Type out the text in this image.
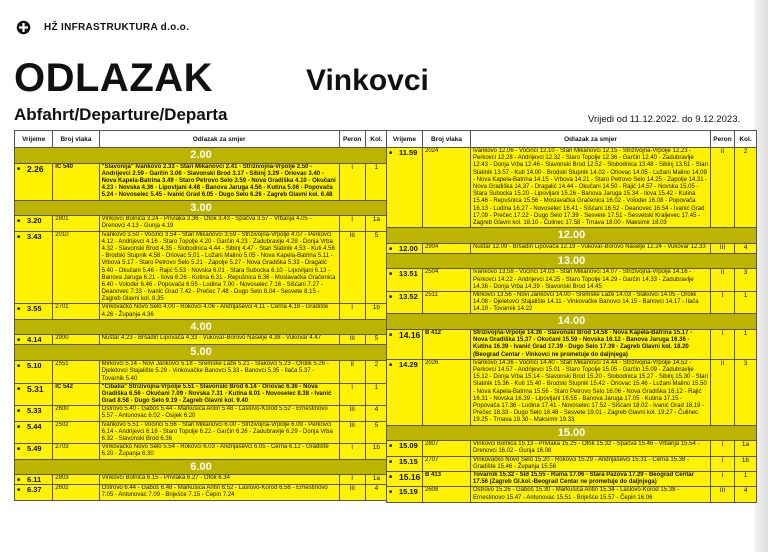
HŽ INFRASTRUKTURA d.o.o.
ODLAZAK	Vinkovci
Abfahrt/Departure/Departa	Vrijedi od 11.12.2022. do 9.12.2023.
Vrijeme	Broj vlaka	Odlazak za smjer	Peron	Kol.
2.00				

■ 2.26	IC 540	"Slavonija" Ivankovo 2.33 - Stari Mikanovci 2.41 - Strizivojna-Vrpolje 2.50 - Andrijevci 2.59 - Garčin 3.06 - Slavonski Brod 3.17 - Sibinj 3.29 - Oriovac 3.40 - Nova Kapela-Batrina 3.49 - Staro Petrovo Selo 3.59 - Nova Gradiška 4.10 - Okučani 4.23 - Novska 4.36 - Lipovljani 4.48 - Banova Jaruga 4.56 - Kutina 5.06 - Popovača 5.24 - Novoselec 5.45 - Ivanić Grad 6.05 - Dugo Selo 6.26 - Zagreb Glavni kol. 6.48	I	1
3.00				

■ 3.20	2801	Vinkovci Bolnica 3.24 - Privlaka 3.36 - Otok 3.43 - Spačva 3.57 - Vrbanja 4.05 - Drenovci 4.13 - Gunja 4.19	I	1a

■ 3.43	2010	Ivankovo 3.50 - Voćinci 3.54 - Stari Mikanovci 3.59 - Strizivojna-Vrpolje 4.07 - Perkovci 4.12 - Andrijevci 4.16 - Staro Topolje 4.20 - Garčin 4.23 - Zadubravlje 4.28 - Donja Vrba 4.32 - Slavonski Brod 4.35 - Slobodnica 4.44 - Sibinj 4.47 - Stari Slatinik 4.53 - Kuti 4.56 - Brodski Stupnik 4.58 - Oriovac 5.01 - Lužani Malino 5.05 - Nova Kapela-Batrina 5.11 - Vrbova 5.17 - Staro Petrovo Selo 5.21 - Zapolje 5.27 - Nova Gradiška 5.33 - Dragalić 5.40 - Okučani 5.46 - Rajić 5.53 - Novska 6.01 - Stara Subocka 6.10 - Lipovljani 6.13 - Banova Jaruga 6.21 - Ilova 6.26 - Kutina 6.31 - Repušnica 6.36 - Moslavačka Gračenica 6.40 - Voloder 6.46 - Popovača 6.55 - Ludina 7.00 - Novoselec 7.16 - Sišćani 7.27 - Deanovec 7.33 - Ivanić Grad 7.42 - Prečec 7.48 - Dugo Selo 8.04 - Sesvete 8.15 - Zagreb Glavni kol. 8.35	III	5

■ 3.55	2701	Vinkovačko Novo Selo 4.00 - Rokovci 4.06 - Andrijaševci 4.11 - Cerna 4.18 - Gradište 4.26 - Županja 4.36	I	1b
4.00				

■ 4.14	2900	Nuštar 4.23 - Bršadin Lipovača 4.33 - Vukovar-Borovo Naselje 4.38 - Vukovar 4.47	III	5
5.00				

■ 5.10	2551	Mirkovci 5.14 - Novi Jankovci 5.18 - Sremske Laze 5.21 - Slakovci 5.23 - Orolik 5.26 - Djeletovci Stajalište 5.29 - Vinkovačke Banovci 5.33 - Banovci 5.35 - Ilača 5.37 - Tovarnik 5.40	II	2

■ 5.31	IC 542	"Cibalia" Strizivojna-Vrpolje 5.51 - Slavonski Brod 6.14 - Oriovac 6.36 - Nova Gradiška 6.56 - Okučani 7.09 - Novska 7.31 - Kutina 8.01 - Novoselec 8.38 - Ivanić Grad 8.58 - Dugo Selo 9.19 - Zagreb Glavni kol. 9.40	I	1

■ 5.33	2600	Ostrovo 5.40 - Gaboš 5.44 - Markušica Antin 5.48 - Laslovo-Korođ 5.52 - Ernestinovo 5.57 - Antunovac 6.02 - Osijek 6.20	III	4

■ 5.44	2502	Ivankovo 5.51 - Voćinci 5.56 - Stari Mikanovci 6.00 - Strizivojna-Vrpolje 6.09 - Perkovci 6.14 - Andrijevci 6.18 - Staro Topolje 6.22 - Garčin 6.26 - Zadubravlje 6.29 - Donja Vrba 6.32 - Slavonski Brod 6.36	III	5

■ 5.49	2703	Vinkovačko Novo Selo 5.54 - Rokovci 6.03 - Andrijaševci 6.05 - Cerna 6.12 - Gradište 6.20 - Županja 6.30	I	1b
6.00				

■ 6.11	2803	Vinkovci Bolnica 6.15 - Privlaka 6.27 - Otok 6.34	I	1a

■ 6.37	2602	Ostrovo 6.44 - Gaboš 6.48 - Markušica Antin 6.52 - Laslovo-Korođ 6.56 - Ernestinovo 7.05 - Antunovac 7.09 - Briješće 7.15 - Čepin 7.24	III	4
Vrijeme	Broj vlaka	Odlazak za smjer	Peron	Kol.

■ 11.59	2024	Ivankovo 12.06 - Voćinci 12.10 - Stari Mikanovci 12.15 - Strizivojna-Vrpolje 12.23 - Perkovci 12.28 - Andrijevci 12.32 - Staro Topolje 12.36 - Garčin 12.40 - Zadubravlje 12.43 - Donja Vrba 12.46 - Slavonski Brod 12.52 - Slobodnica 13.48 - Sibinj 13.51 - Stari Slatinik 13.57 - Kuti 14.00 - Brodski Stupnik 14.02 - Oriovac 14.05 - Lužani Malino 14.09 - Nova Kapela-Batrina 14.15 - Vrbova 14.21 - Staro Petrovo Selo 14.25 - Zapolje 14.31 - Nova Gradiška 14.37 - Dragalić 14.44 - Okučani 14.50 - Rajić 14.57 - Novska 15.05 - Stara Subocka 15.20 - Lipovljani 15.26 - Banova Jaruga 15.34 - Ilova 15.42 - Kutina 15.46 - Repušnica 15.56 - Moslavačka Gračenica 16.02 - Voloder 16.08 - Popovača 16.13 - Ludina 16.27 - Novoselec 16.41 - Sišćani 16.52 - Deanovec 16.54 - Ivanić Grad 17.09 - Prečec 17.22 - Dugo Selo 17.39 - Sesvete 17.51 - Sesvetski Kraljevec 17.45 - Zagreb Glavni kol. 18.10 - Čulinec 17.58 - Trnava 18.00 - Maksimir 18.03	II	2
12.00				

■ 12.00	2904	Nuštar 12.09 - Bršadin Lipovača 12.19 - Vukovar-Borovo Naselje 12.24 - Vukovar 12.33	III	4
13.00				

■ 13.51	2504	Ivankovo 13.58 - Voćinci 14.03 - Stari Mikanovci 14.07 - Strizivojna-Vrpolje 14.16 - Perkovci 14.22 - Andrijevci 14.25 - Staro Topolje 14.29 - Garčin 14.33 - Zadubravlje 14.36 - Donja Vrba 14.39 - Slavonski Brod 14.45	II	3

■ 13.52	2511	Mirkovci 13.56 - Novi Jankovci 14.00 - Sremske Laze 14.03 - Slakovci 14.05 - Orolik 14.08 - Djeletovci Stajalište 14.11 - Vinkovačke Banovci 14.15 - Banovci 14.17 - Ilača 14.19 - Tovarnik 14.22	I	1
14.00				

■ 14.16	B 412	Strizivojna-Vrpolje 14.36 - Slavonski Brod 14.58 - Nova Kapela-Batrina 15.17 - Nova Gradiška 15.37 - Okučani 15.59 - Novska 16.12 - Banova Jaruga 16.36 - Kutina 16.39 - Ivanić Grad 17.39 - Dugo Selo 17.39 - Zagreb Glavni kol. 18.20 (Beograd Centar - Vinkovci ne prometuje do daljnjega)	I	1

■ 14.29	2026	Ivankovo 14.36 - Voćinci 14.40 - Stari Mikanovci 14.44 - Strizivojna-Vrpolje 14.52 - Perkovci 14.57 - Andrijevci 15.01 - Staro Topolje 15.05 - Garčin 15.09 - Zadubravlje 15.12 - Donja Vrba 15.14 - Slavonski Brod 15.20 - Slobodnica 15.27 - Sibinj 15.30 - Stari Slatinik 15.36 - Kuti 15.40 - Brodski Stupnik 15.42 - Oriovac 15.46 - Lužani Malino 15.50 - Nova Kapela-Batrina 15.56 - Staro Petrovo Selo 16.06 - Nova Gradiška 16.12 - Rajić 16.31 - Novska 16.39 - Lipovljani 16.55 - Banova Jaruga 17.05 - Kutina 17.15 - Popovača 17.36 - Ludina 17.41 - Novoselec 17.52 - Sišćani 18.02 - Ivanić Grad 18.19 - Prečec 18.33 - Dugo Selo 18.48 - Sesvete 19.01 - Zagreb Glavni kol. 19.27 - Čulinec 19.25 - Trnava 19.30 - Maksimir 19.33	II	3
15.00				

■ 15.09	2807	Vinkovci Bolnica 15.13 - Privlaka 15.25 - Otok 15.32 - Spačva 15.46 - Vrbanja 15.54 - Drenovci 16.02 - Gunja 16.08	I	1a

■ 15.15	2707	Vinkovačko Novo Selo 15.20 - Rokovci 15.29 - Andrijaševci 15.31 - Cerna 15.38 - Gradište 15.46 - Županja 15.56	I	1b

■ 15.16	B 413	Tovarnik 15.32 - Šid 15.55 - Ruma 17.06 - Stara Pazova 17.29 - Beograd Centar 17.56 (Zagreb Gl.kol.-Beograd Centar ne prometuje do daljnjega)	I	1

■ 15.19	2608	Ostrovo 15.26 - Gaboš 15.30 - Markušica Antin 15.34 - Laslovo-Korođ 15.38 - Ernestinovo 15.47 - Antunovac 15.51 - Briješće 15.57 - Čepin 16.06	III	4
